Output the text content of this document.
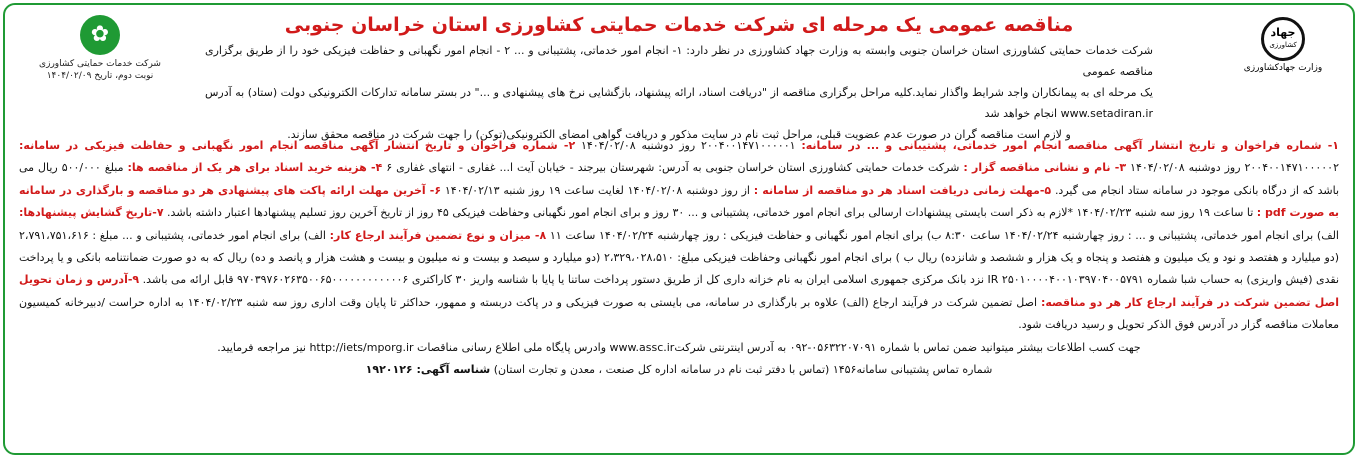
جهاد
کشاورزی
وزارت جهادکشاورزی
✿
شرکت خدمات حمایتی کشاورزی
نوبت دوم، تاریخ ۱۴۰۴/۰۲/۰۹
مناقصه عمومی یک مرحله ای شرکت خدمات حمایتی کشاورزی استان خراسان جنوبی

شرکت خدمات حمایتی کشاورزی استان خراسان جنوبی وابسته به وزارت جهاد کشاورزی در نظر دارد: ۱- انجام امور خدماتی، پشتیبانی و ... ۲ - انجام امور نگهبانی و حفاظت فیزیکی خود را از طریق برگزاری مناقصه عمومی

یک مرحله ای به پیمانکاران واجد شرایط واگذار نماید.کلیه مراحل برگزاری مناقصه از "دریافت اسناد، ارائه پیشنهاد، بازگشایی نرخ های پیشنهادی و ..." در بستر سامانه تدارکات الکترونیکی دولت (ستاد) به آدرس www.setadiran.ir انجام خواهد شد

و لازم است مناقصه گران در صورت عدم عضویت قبلی، مراحل ثبت نام در سایت مذکور و دریافت گواهی امضای الکترونیکی(توکن) را جهت شرکت در مناقصه محقق سازند.

۱- شماره فراخوان و تاریخ انتشار آگهی مناقصه انجام امور خدماتی، پشتیبانی و ... در سامانه: ۲۰۰۴۰۰۱۴۷۱۰۰۰۰۰۱ روز دوشنبه ۱۴۰۴/۰۲/۰۸ ۲- شماره فراخوان و تاریخ انتشار آگهی مناقصه انجام امور نگهبانی و حفاظت فیزیکی در سامانه: ۲۰۰۴۰۰۱۴۷۱۰۰۰۰۰۲ روز دوشنبه ۱۴۰۴/۰۲/۰۸ ۳- نام و نشانی مناقصه گزار : شرکت خدمات حمایتی کشاورزی استان خراسان جنوبی به آدرس: شهرستان بیرجند - خیابان آیت ا... غفاری - انتهای غفاری ۶ ۴- هزینه خرید اسناد برای هر یک از مناقصه ها: مبلغ ۵۰۰/۰۰۰ ریال می باشد که از درگاه بانکی موجود در سامانه ستاد انجام می گیرد. ۵-مهلت زمانی دریافت اسناد هر دو مناقصه از سامانه : از روز دوشنبه ۱۴۰۴/۰۲/۰۸ لغایت ساعت ۱۹ روز شنبه ۱۴۰۴/۰۲/۱۳ ۶- آخرین مهلت ارائه پاکت های پیشنهادی هر دو مناقصه و بارگذاری در سامانه به صورت pdf : تا ساعت ۱۹ روز سه شنبه ۱۴۰۴/۰۲/۲۳ *لازم به ذکر است بایستی پیشنهادات ارسالی برای انجام امور خدماتی، پشتیبانی و ... ۳۰ روز و برای انجام امور نگهبانی وحفاظت فیزیکی ۴۵ روز از تاریخ آخرین روز تسلیم پیشنهادها اعتبار داشته باشد. ۷-تاریخ گشایش پیشنهادها: الف) برای انجام امور خدماتی، پشتیبانی و ... : روز چهارشنبه ۱۴۰۴/۰۲/۲۴ ساعت ۸:۳۰ ب) برای انجام امور نگهبانی و حفاظت فیزیکی : روز چهارشنبه ۱۴۰۴/۰۲/۲۴ ساعت ۱۱ ۸- میزان و نوع تضمین فرآیند ارجاع کار: الف) برای انجام امور خدماتی، پشتیبانی و ... مبلغ : ۲،۷۹۱،۷۵۱،۶۱۶ (دو میلیارد و هفتصد و نود و یک میلیون و هفتصد و پنجاه و یک هزار و ششصد و شانزده) ریال ب ) برای انجام امور نگهبانی وحفاظت فیزیکی مبلغ: ۲،۳۲۹،۰۲۸،۵۱۰ (دو میلیارد و سیصد و بیست و نه میلیون و بیست و هشت هزار و پانصد و ده) ریال که به دو صورت ضمانتنامه بانکی و یا پرداخت نقدی (فیش واریزی) به حساب شبا شماره IR ۲۵۰۱۰۰۰۰۴۰۰۱۰۳۹۷۰۴۰۰۵۷۹۱ نزد بانک مرکزی جمهوری اسلامی ایران به نام خزانه داری کل از طریق دستور پرداخت ساتنا یا پایا با شناسه واریز ۳۰ کاراکتری ۹۷۰۳۹۷۶۰۲۶۳۵۰۰۶۵۰۰۰۰۰۰۰۰۰۰۰۰۶ قابل ارائه می باشد. ۹-آدرس و زمان تحویل اصل تضمین شرکت در فرآیند ارجاع کار هر دو مناقصه: اصل تضمین شرکت در فرآیند ارجاع (الف) علاوه بر بارگذاری در سامانه، می بایستی به صورت فیزیکی و در پاکت دربسته و ممهور، حداکثر تا پایان وقت اداری روز سه شنبه ۱۴۰۴/۰۲/۲۳ به اداره حراست /دبیرخانه کمیسیون معاملات مناقصه گزار در آدرس فوق الذکر تحویل و رسید دریافت شود.

جهت کسب اطلاعات بیشتر میتوانید ضمن تماس با شماره ۰۵۶۳۲۲۰۷۰۹۱-۰۹۲ به آدرس اینترنتی شرکتwww.assc.ir وادرس پایگاه ملی اطلاع رسانی مناقصات http://iets/mporg.ir نیز مراجعه فرمایید.

شماره تماس پشتیبانی سامانه۱۴۵۶ (تماس با دفتر ثبت نام در سامانه اداره کل صنعت ، معدن و تجارت استان) شناسه آگهی: ۱۹۲۰۱۲۶
